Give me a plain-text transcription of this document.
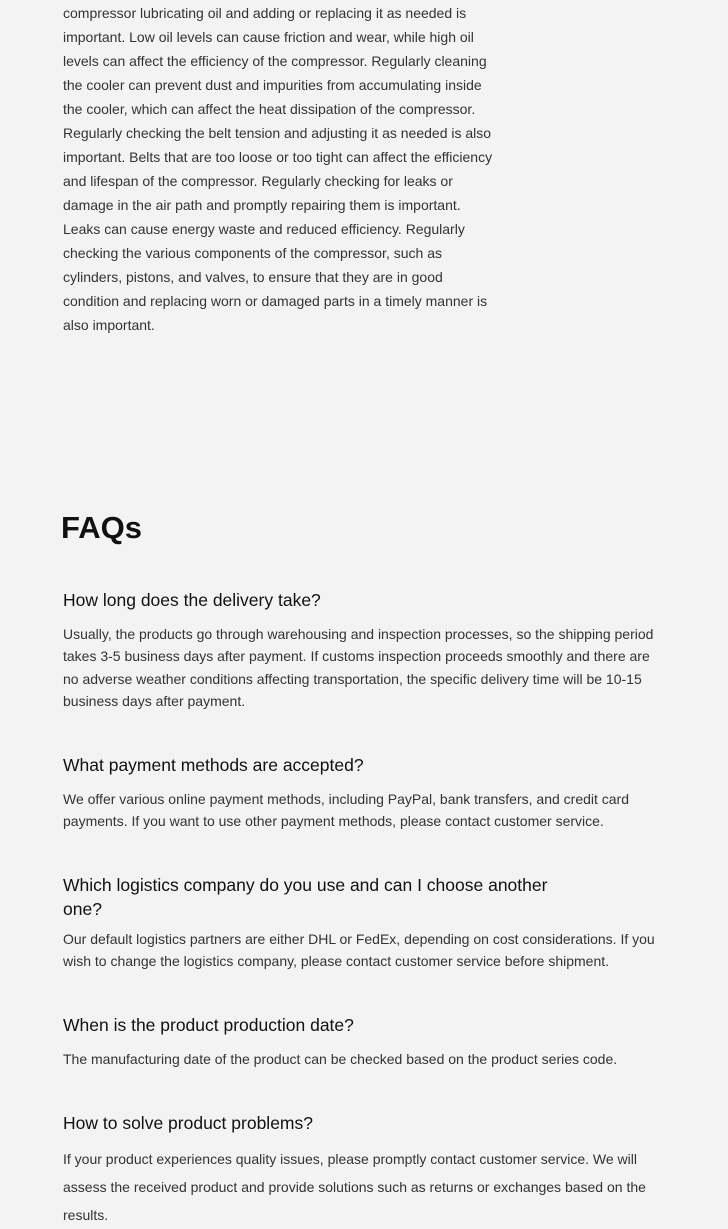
compressor lubricating oil and adding or replacing it as needed is important. Low oil levels can cause friction and wear, while high oil levels can affect the efficiency of the compressor. Regularly cleaning the cooler can prevent dust and impurities from accumulating inside the cooler, which can affect the heat dissipation of the compressor. Regularly checking the belt tension and adjusting it as needed is also important. Belts that are too loose or too tight can affect the efficiency and lifespan of the compressor. Regularly checking for leaks or damage in the air path and promptly repairing them is important. Leaks can cause energy waste and reduced efficiency. Regularly checking the various components of the compressor, such as cylinders, pistons, and valves, to ensure that they are in good condition and replacing worn or damaged parts in a timely manner is also important.

FAQs
How long does the delivery take?

Usually, the products go through warehousing and inspection processes, so the shipping period takes 3-5 business days after payment. If customs inspection proceeds smoothly and there are no adverse weather conditions affecting transportation, the specific delivery time will be 10-15 business days after payment.

What payment methods are accepted?

We offer various online payment methods, including PayPal, bank transfers, and credit card payments. If you want to use other payment methods, please contact customer service.

Which logistics company do you use and can I choose another one?

Our default logistics partners are either DHL or FedEx, depending on cost considerations. If you wish to change the logistics company, please contact customer service before shipment.

When is the product production date?

The manufacturing date of the product can be checked based on the product series code.

How to solve product problems?

If your product experiences quality issues, please promptly contact customer service. We will assess the received product and provide solutions such as returns or exchanges based on the results.
